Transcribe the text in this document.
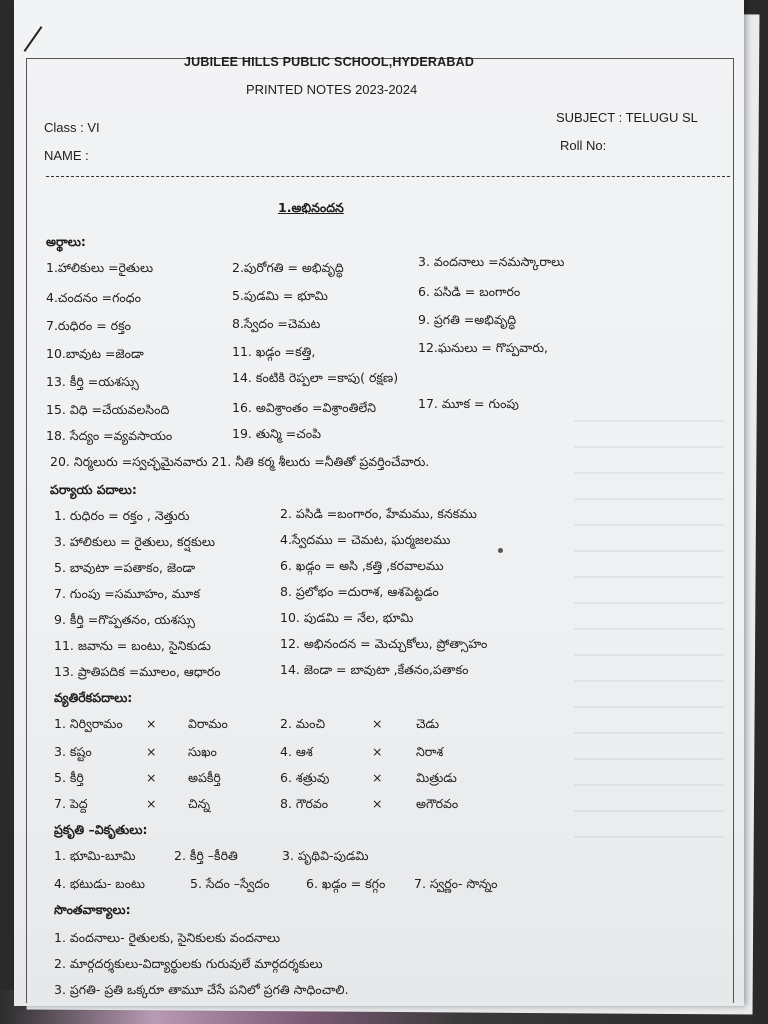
JUBILEE HILLS PUBLIC SCHOOL,HYDERABAD
PRINTED NOTES 2023-2024
Class : VI
SUBJECT : TELUGU SL
NAME :
Roll No:
1.అభినందన
అర్థాలు:
1.హాలికులు =రైతులు	2.పురోగతి = అభివృద్ధి	3. వందనాలు =నమస్కారాలు
4.చందనం =గంధం	5.పుడమి = భూమి	6. పసిడి = బంగారం
7.రుధిరం = రక్తం	8.స్వేదం =చెమట	9. ప్రగతి =అభివృద్ధి
10.బావుట =జెండా	11. ఖడ్గం =కత్తి,	12.ఘనులు = గొప్పవారు,
13. కీర్తి =యశస్సు	14. కంటికి రెప్పలా =కాపు( రక్షణ)
15. విధి =చేయవలసింది	16. అవిశ్రాంతం =విశ్రాంతిలేని	17. మూక = గుంపు
18. సేద్యం =వ్యవసాయం	19. తున్మి =చంపి
20. నిర్మలురు =స్వచ్ఛమైనవారు 21. నీతి కర్మ శీలురు =నీతితో ప్రవర్తించేవారు.
పర్యాయ పదాలు:
1. రుధిరం = రక్తం , నెత్తురు	2. పసిడి =బంగారం, హేమము, కనకము
3. హాలికులు = రైతులు, కర్షకులు	4.స్వేదము = చెమట, ఘర్మజలము
5. బావుటా =పతాకం, జెండా	6. ఖడ్గం = అసి ,కత్తి ,కరవాలము
7. గుంపు =సమూహం, మూక	8. ప్రలోభం =దురాశ, ఆశపెట్టడం
9. కీర్తి =గొప్పతనం, యశస్సు	10. పుడమి = నేల, భూమి
11. జవాను = బంటు, సైనికుడు	12. అభినందన = మెచ్చుకోలు, ప్రోత్సాహం
13. ప్రాతిపదిక =మూలం, ఆధారం	14. జెండా = బావుటా ,కేతనం,పతాకం
వ్యతిరేకపదాలు:
1. నిర్విరామం ×	విరామం	2. మంచి	×	చెడు
3. కష్టం	×	సుఖం	4. ఆశ	×	నిరాశ
5. కీర్తి	×	అపకీర్తి	6. శత్రువు	×	మిత్రుడు
7. పెద్ద	×	చిన్న	8. గౌరవం	×	అగౌరవం
ప్రకృతి –వికృతులు:
1. భూమి-బూమి	2. కీర్తి –కీరితి	3. పృథివి-పుడమి
4. భటుడు- బంటు	5. సేదం –స్వేదం	6. ఖడ్గం = కగ్గం 7. స్వర్ణం- సొన్నం
సొంతవాక్యాలు:
1. వందనాలు- రైతులకు, సైనికులకు వందనాలు
2. మార్గదర్శకులు-విద్యార్థులకు గురువులే మార్గదర్శకులు
3. ప్రగతి- ప్రతి ఒక్కరూ తామూ చేసే పనిలో ప్రగతి సాధించాలి.
